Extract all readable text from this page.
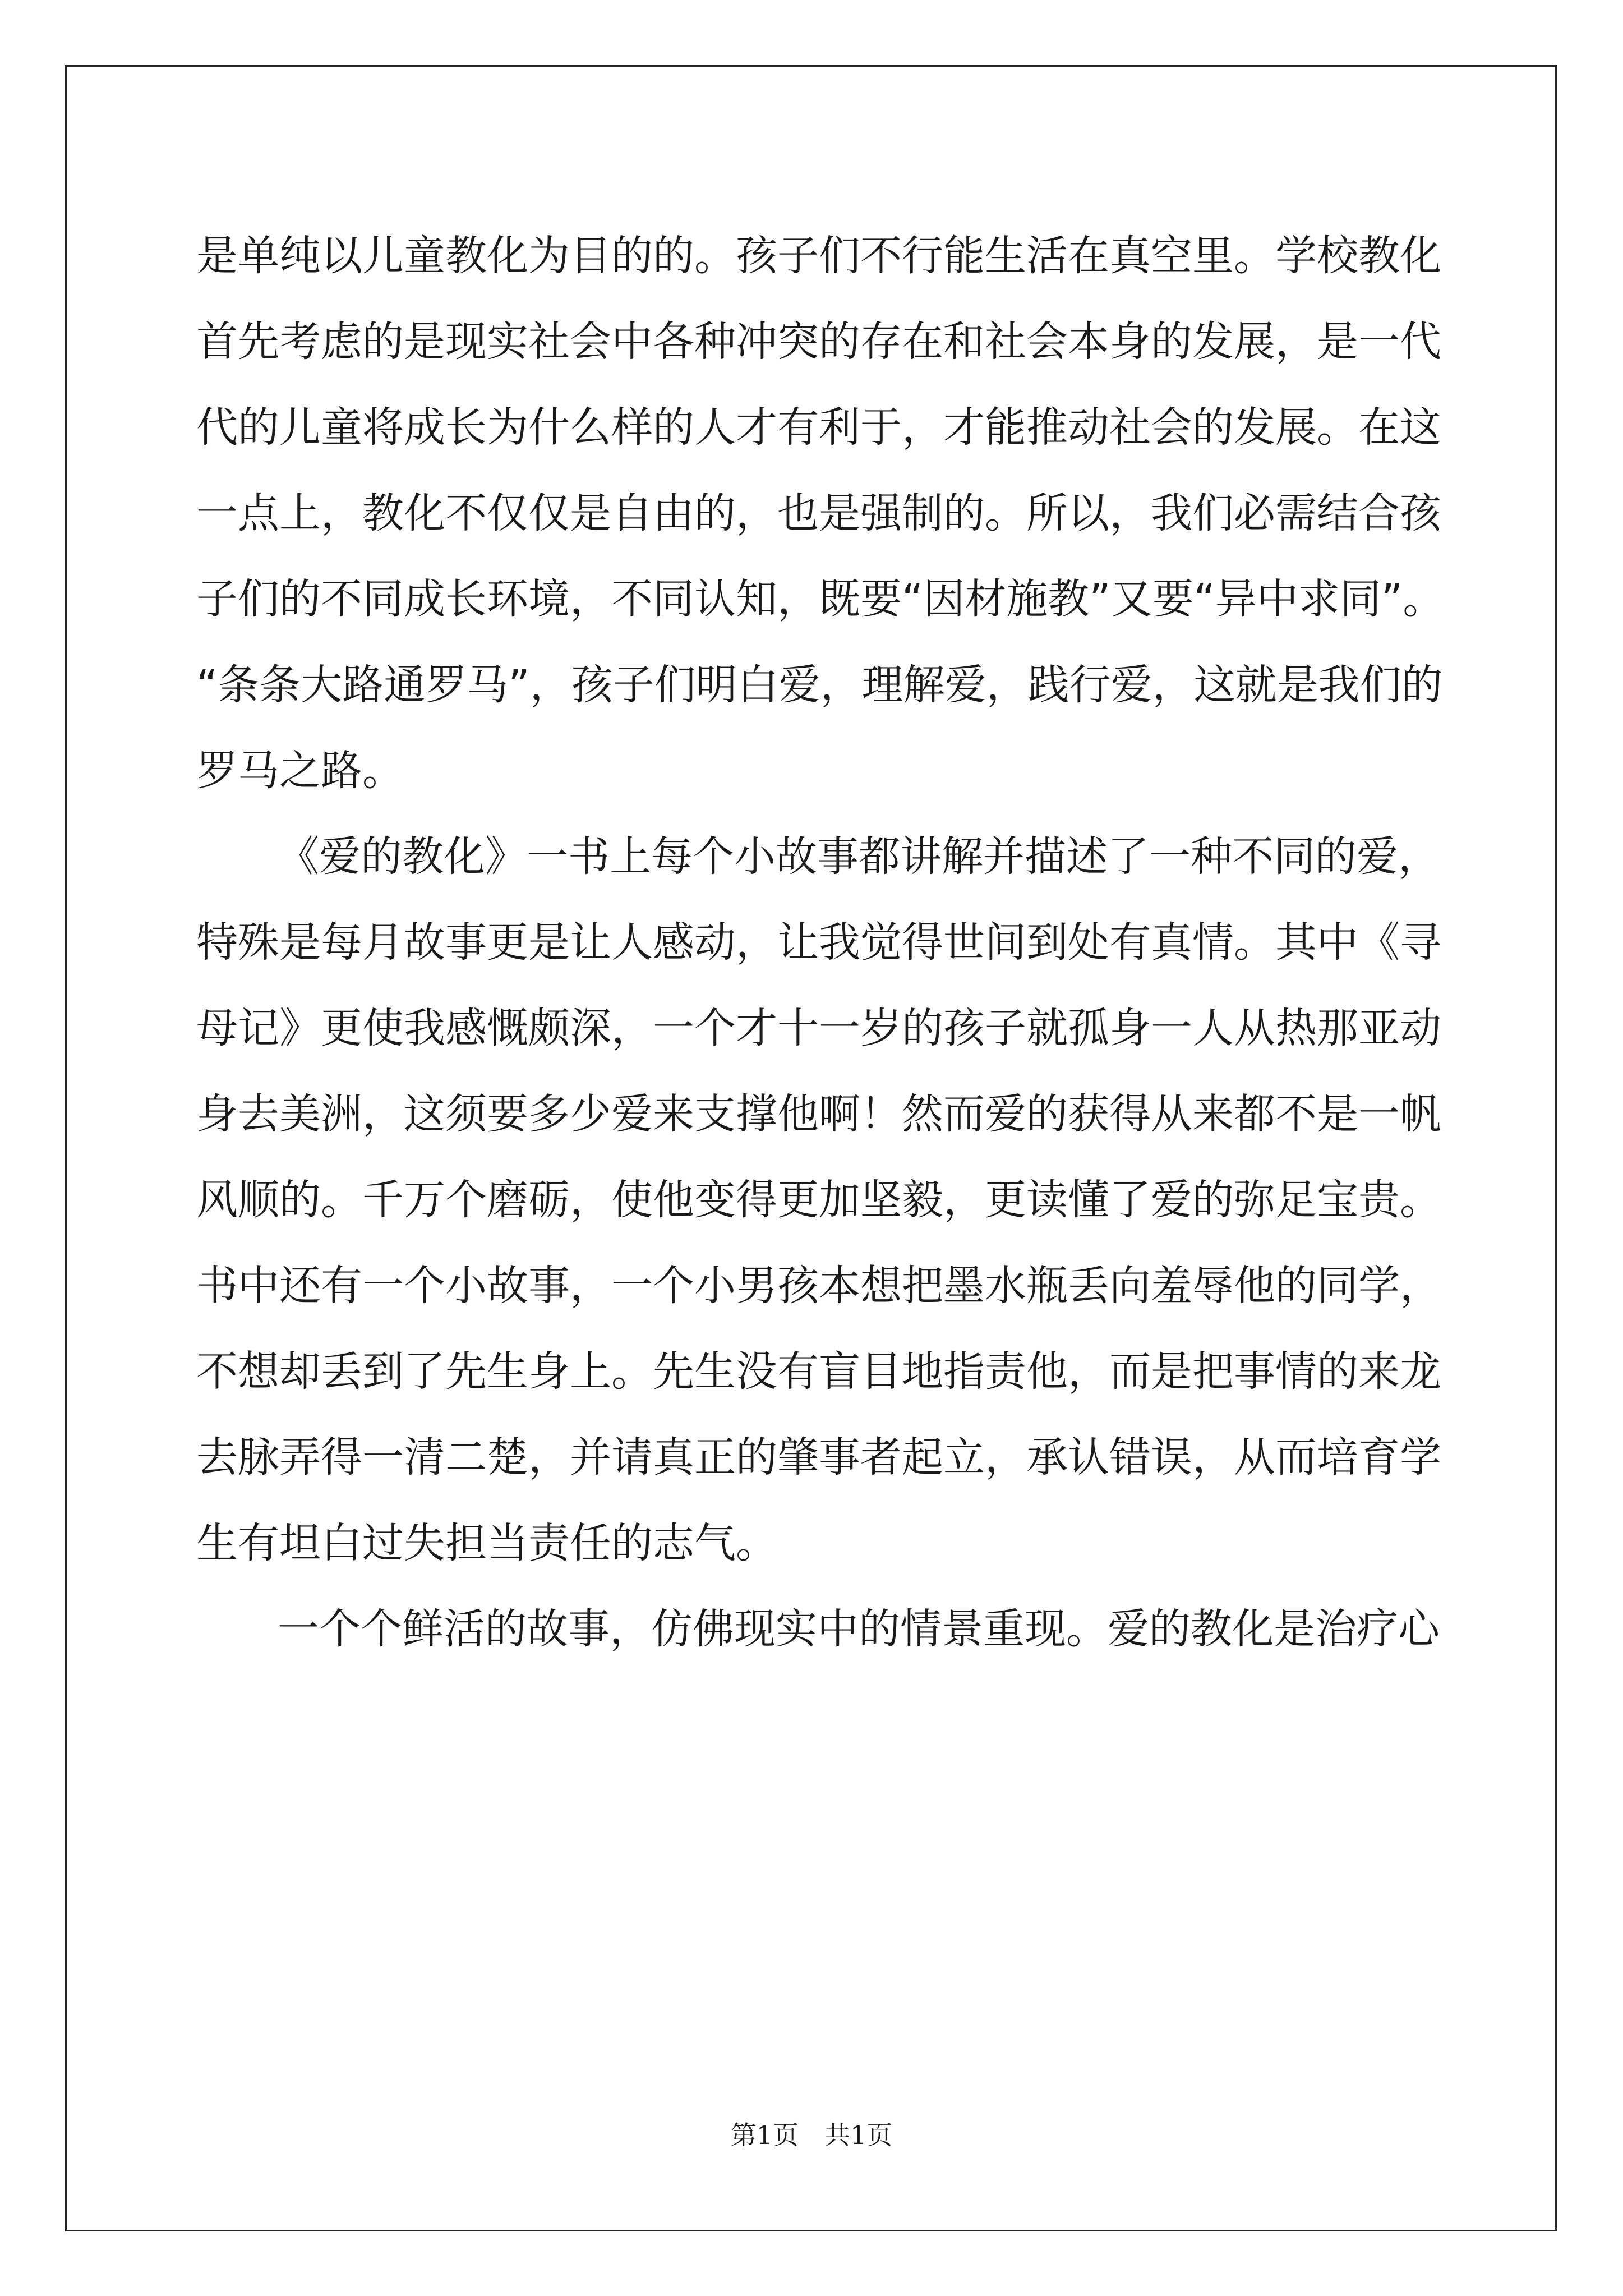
是单纯以儿童教化为目的的。孩子们不行能生活在真空里。学校教化
首先考虑的是现实社会中各种冲突的存在和社会本身的发展，是一代
代的儿童将成长为什么样的人才有利于，才能推动社会的发展。在这
一点上，教化不仅仅是自由的，也是强制的。所以，我们必需结合孩
子们的不同成长环境，不同认知，既要“因材施教”又要“异中求同”。
“条条大路通罗马”，孩子们明白爱，理解爱，践行爱，这就是我们的
罗马之路。
《爱的教化》一书上每个小故事都讲解并描述了一种不同的爱，
特殊是每月故事更是让人感动，让我觉得世间到处有真情。其中《寻
母记》更使我感慨颇深，一个才十一岁的孩子就孤身一人从热那亚动
身去美洲，这须要多少爱来支撑他啊！然而爱的获得从来都不是一帆
风顺的。千万个磨砺，使他变得更加坚毅，更读懂了爱的弥足宝贵。
书中还有一个小故事，一个小男孩本想把墨水瓶丢向羞辱他的同学，
不想却丢到了先生身上。先生没有盲目地指责他，而是把事情的来龙
去脉弄得一清二楚，并请真正的肇事者起立，承认错误，从而培育学
生有坦白过失担当责任的志气。
一个个鲜活的故事，仿佛现实中的情景重现。爱的教化是治疗心
第1页　共1页
